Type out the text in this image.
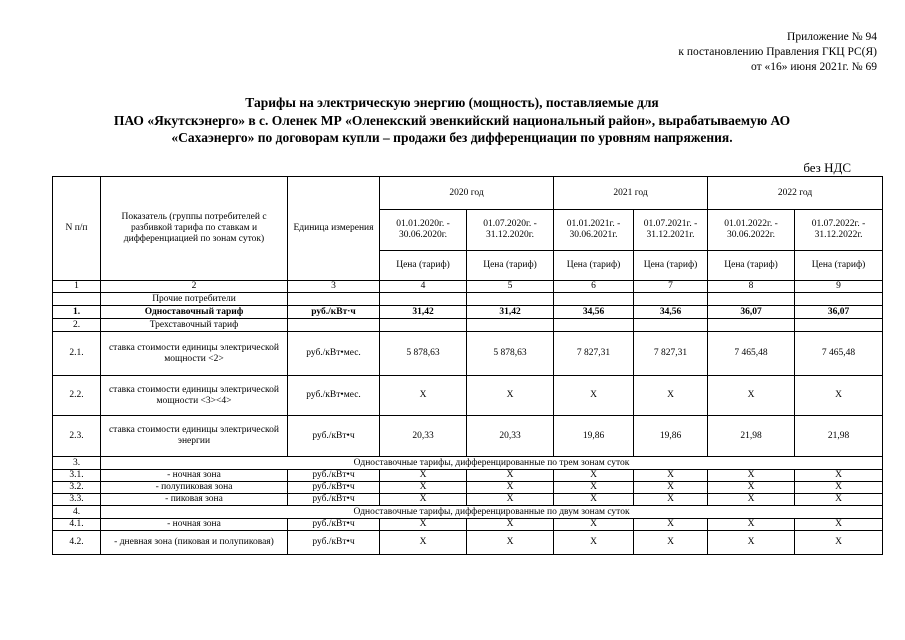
Приложение № 94
к постановлению Правления ГКЦ РС(Я)
от «16» июня 2021г. № 69
Тарифы на электрическую энергию (мощность), поставляемые для
ПАО «Якутскэнерго» в с. Оленек МР «Оленекский эвенкийский национальный район», вырабатываемую АО
«Сахаэнерго» по договорам купли – продажи без дифференциации по уровням напряжения.
без НДС
N п/п	Показатель (группы потребителей с разбивкой тарифа по ставкам и дифференциацией по зонам суток)	Единица измерения	2020 год		2021 год		2022 год	
			01.01.2020г. - 30.06.2020г.	01.07.2020г. - 31.12.2020г.	01.01.2021г. - 30.06.2021г.	01.07.2021г. - 31.12.2021г.	01.01.2022г. - 30.06.2022г.	01.07.2022г. - 31.12.2022г.
			Цена (тариф)	Цена (тариф)	Цена (тариф)	Цена (тариф)	Цена (тариф)	Цена (тариф)
1	2	3	4	5	6	7	8	9
	Прочие потребители							
1.	Одноставочный тариф	руб./кВт·ч	31,42	31,42	34,56	34,56	36,07	36,07
2.	Трехставочный тариф							
2.1.	ставка стоимости единицы электрической мощности <2>	руб./кВт•мес.	5 878,63	5 878,63	7 827,31	7 827,31	7 465,48	7 465,48
2.2.	ставка стоимости единицы электрической мощности <3><4>	руб./кВт•мес.	X	X	X	X	X	X
2.3.	ставка стоимости единицы электрической энергии	руб./кВт•ч	20,33	20,33	19,86	19,86	21,98	21,98
3.	Одноставочные тарифы, дифференцированные по трем зонам суток							
3.1.	- ночная зона	руб./кВт•ч	X	X	X	X	X	X
3.2.	- полупиковая зона	руб./кВт•ч	X	X	X	X	X	X
3.3.	- пиковая зона	руб./кВт•ч	X	X	X	X	X	X
4.	Одноставочные тарифы, дифференцированные по двум зонам суток							
4.1.	- ночная зона	руб./кВт•ч	X	X	X	X	X	X
4.2.	- дневная зона (пиковая и полупиковая)	руб./кВт•ч	X	X	X	X	X	X
